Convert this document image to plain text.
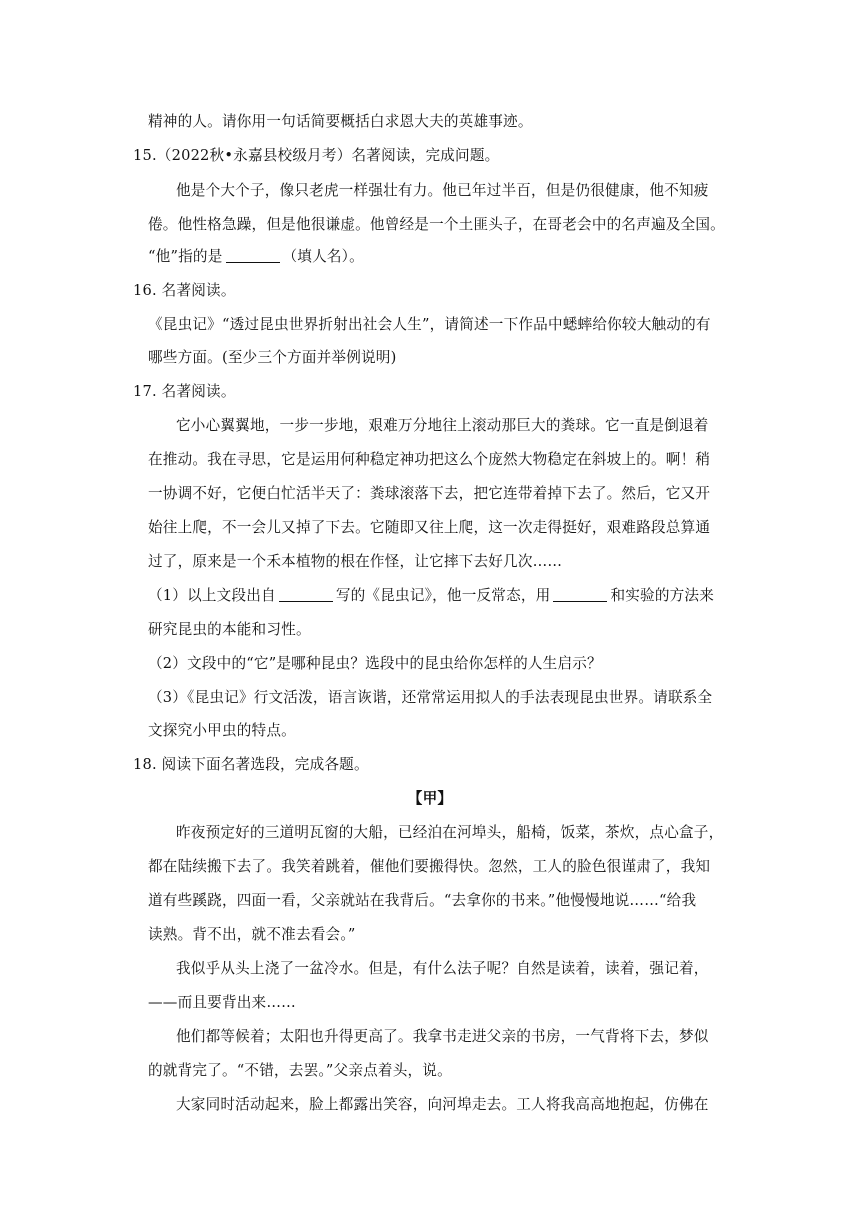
精神的人。请你用一句话简要概括白求恩大夫的英雄事迹。
15.（2022秋•永嘉县校级月考）名著阅读，完成问题。
他是个大个子，像只老虎一样强壮有力。他已年过半百，但是仍很健康，他不知疲
倦。他性格急躁，但是他很谦虚。他曾经是一个土匪头子，在哥老会中的名声遍及全国。
“他”指的是	（填人名）。
16. 名著阅读。
《昆虫记》“透过昆虫世界折射出社会人生”，请简述一下作品中蟋蟀给你较大触动的有
哪些方面。(至少三个方面并举例说明)
17. 名著阅读。
它小心翼翼地，一步一步地，艰难万分地往上滚动那巨大的粪球。它一直是倒退着
在推动。我在寻思，它是运用何种稳定神功把这么个庞然大物稳定在斜坡上的。啊！稍
一协调不好，它便白忙活半天了：粪球滚落下去，把它连带着掉下去了。然后，它又开
始往上爬，不一会儿又掉了下去。它随即又往上爬，这一次走得挺好，艰难路段总算通
过了，原来是一个禾本植物的根在作怪，让它摔下去好几次……
（1）以上文段出自	写的《昆虫记》，他一反常态，用	和实验的方法来
研究昆虫的本能和习性。
（2）文段中的“它”是哪种昆虫？选段中的昆虫给你怎样的人生启示？
（3）《昆虫记》行文活泼，语言诙谐，还常常运用拟人的手法表现昆虫世界。请联系全
文探究小甲虫的特点。
18. 阅读下面名著选段，完成各题。
【甲】
昨夜预定好的三道明瓦窗的大船，已经泊在河埠头，船椅，饭菜，茶炊，点心盒子，
都在陆续搬下去了。我笑着跳着，催他们要搬得快。忽然，工人的脸色很谨肃了，我知
道有些蹊跷，四面一看，父亲就站在我背后。“去拿你的书来。”他慢慢地说……“给我
读熟。背不出，就不准去看会。”
我似乎从头上浇了一盆冷水。但是，有什么法子呢？自然是读着，读着，强记着，
——而且要背出来……
他们都等候着；太阳也升得更高了。我拿书走进父亲的书房，一气背将下去，梦似
的就背完了。“不错，去罢。”父亲点着头，说。
大家同时活动起来，脸上都露出笑容，向河埠走去。工人将我高高地抱起，仿佛在
